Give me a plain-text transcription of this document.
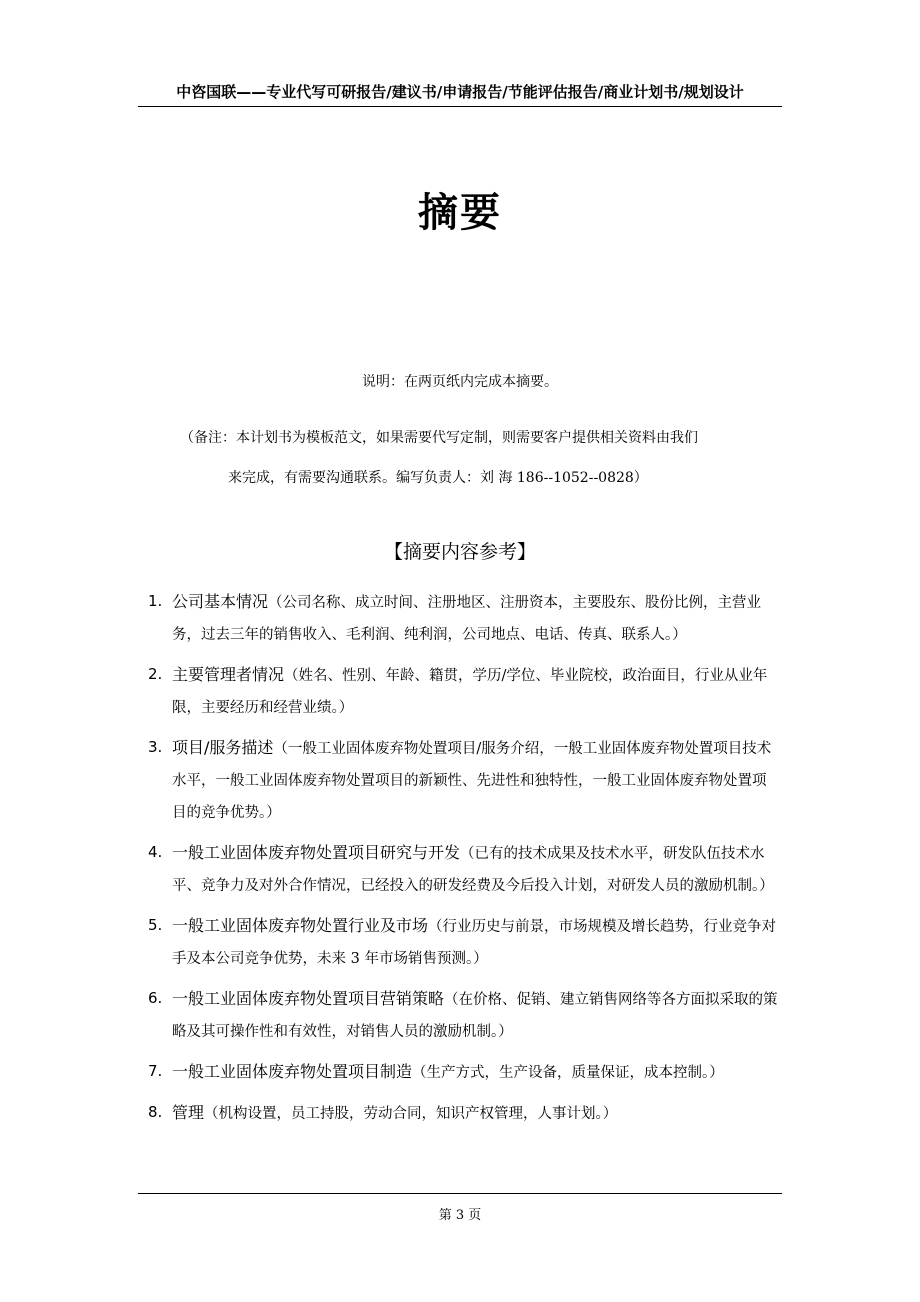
中咨国联——专业代写可研报告/建议书/申请报告/节能评估报告/商业计划书/规划设计
摘要
说明：在两页纸内完成本摘要。
（备注：本计划书为模板范文，如果需要代写定制，则需要客户提供相关资料由我们
来完成，有需要沟通联系。编写负责人：刘 海 186--1052--0828）
【摘要内容参考】
1. 公司基本情况（公司名称、成立时间、注册地区、注册资本，主要股东、股份比例，主营业务，过去三年的销售收入、毛利润、纯利润，公司地点、电话、传真、联系人。）
2. 主要管理者情况（姓名、性别、年龄、籍贯，学历/学位、毕业院校，政治面目，行业从业年限，主要经历和经营业绩。）
3. 项目/服务描述（一般工业固体废弃物处置项目/服务介绍，一般工业固体废弃物处置项目技术水平，一般工业固体废弃物处置项目的新颖性、先进性和独特性，一般工业固体废弃物处置项目的竞争优势。）
4. 一般工业固体废弃物处置项目研究与开发（已有的技术成果及技术水平，研发队伍技术水平、竞争力及对外合作情况，已经投入的研发经费及今后投入计划，对研发人员的激励机制。）
5. 一般工业固体废弃物处置行业及市场（行业历史与前景，市场规模及增长趋势，行业竞争对手及本公司竞争优势，未来 3 年市场销售预测。）
6. 一般工业固体废弃物处置项目营销策略（在价格、促销、建立销售网络等各方面拟采取的策略及其可操作性和有效性，对销售人员的激励机制。）
7. 一般工业固体废弃物处置项目制造（生产方式，生产设备，质量保证，成本控制。）
8. 管理（机构设置，员工持股，劳动合同，知识产权管理，人事计划。）
第 3 页
